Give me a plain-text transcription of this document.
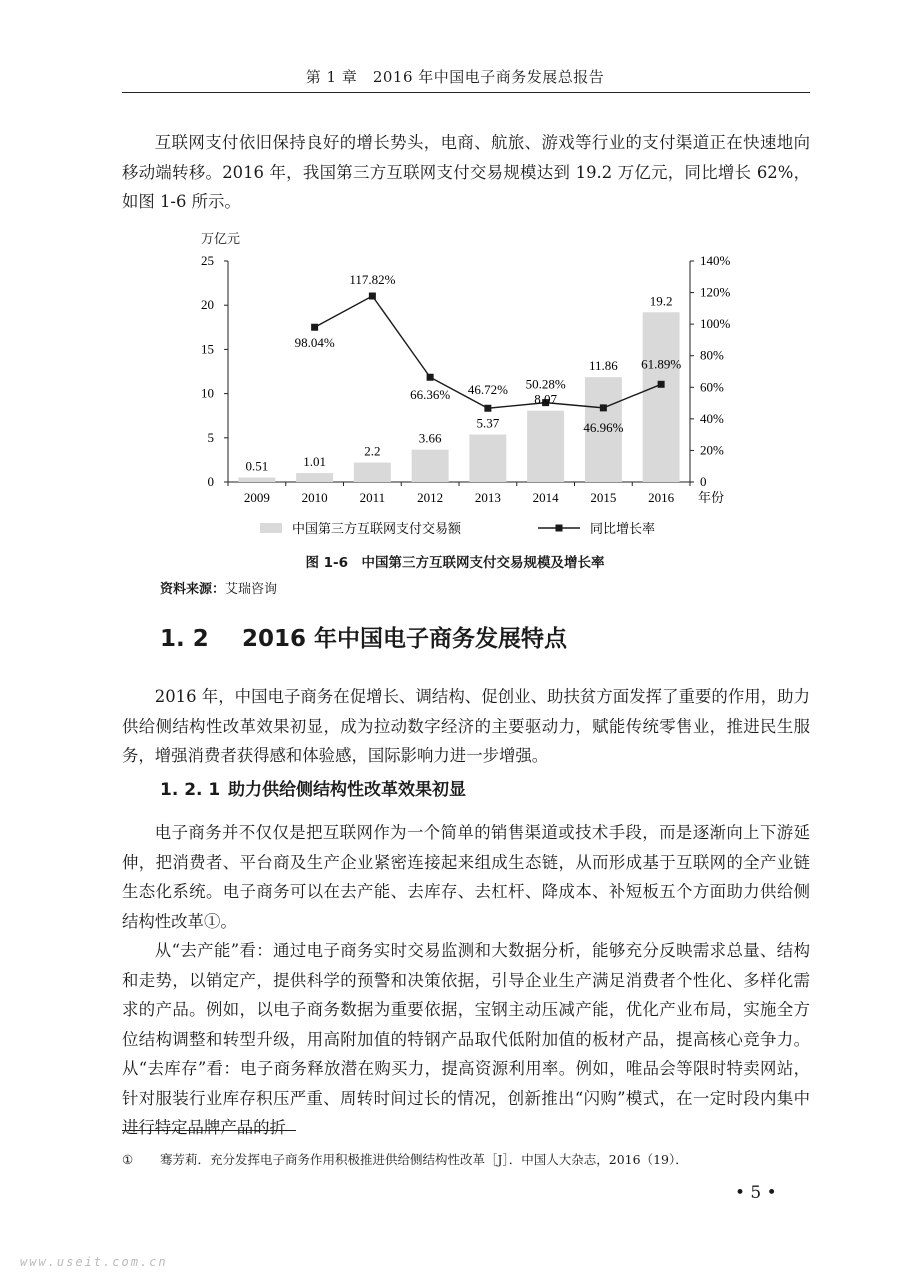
第 1 章　2016 年中国电子商务发展总报告
互联网支付依旧保持良好的增长势头，电商、航旅、游戏等行业的支付渠道正在快速地向移动端转移。2016 年，我国第三方互联网支付交易规模达到 19.2 万亿元，同比增长 62%，如图 1-6 所示。
万亿元
0
5
10
15
20
25
0
20%
40%
60%
80%
100%
120%
140%
2009 2010 2011 2012 2013 2014 2015 2016 年份
0.51	1.01
2.2
3.66
5.37
8.07
11.86
19.2
98.04%
117.82%
66.36% 46.72% 50.28%
46.96%
61.89%
中国第三方互联网支付交易额	同比增长率
图 1-6　中国第三方互联网支付交易规模及增长率
资料来源：艾瑞咨询
1. 2 2016 年中国电子商务发展特点
2016 年，中国电子商务在促增长、调结构、促创业、助扶贫方面发挥了重要的作用，助力供给侧结构性改革效果初显，成为拉动数字经济的主要驱动力，赋能传统零售业，推进民生服务，增强消费者获得感和体验感，国际影响力进一步增强。
1. 2. 1 助力供给侧结构性改革效果初显
电子商务并不仅仅是把互联网作为一个简单的销售渠道或技术手段，而是逐渐向上下游延伸，把消费者、平台商及生产企业紧密连接起来组成生态链，从而形成基于互联网的全产业链生态化系统。电子商务可以在去产能、去库存、去杠杆、降成本、补短板五个方面助力供给侧结构性改革①。
从“去产能”看：通过电子商务实时交易监测和大数据分析，能够充分反映需求总量、结构和走势，以销定产，提供科学的预警和决策依据，引导企业生产满足消费者个性化、多样化需求的产品。例如，以电子商务数据为重要依据，宝钢主动压减产能，优化产业布局，实施全方位结构调整和转型升级，用高附加值的特钢产品取代低附加值的板材产品，提高核心竞争力。从“去库存”看：电子商务释放潜在购买力，提高资源利用率。例如，唯品会等限时特卖网站，针对服装行业库存积压严重、周转时间过长的情况，创新推出“闪购”模式，在一定时段内集中进行特定品牌产品的折
① 骞芳莉．充分发挥电子商务作用积极推进供给侧结构性改革［J］．中国人大杂志，2016（19）．
• 5 •
www.useit.com.cn
